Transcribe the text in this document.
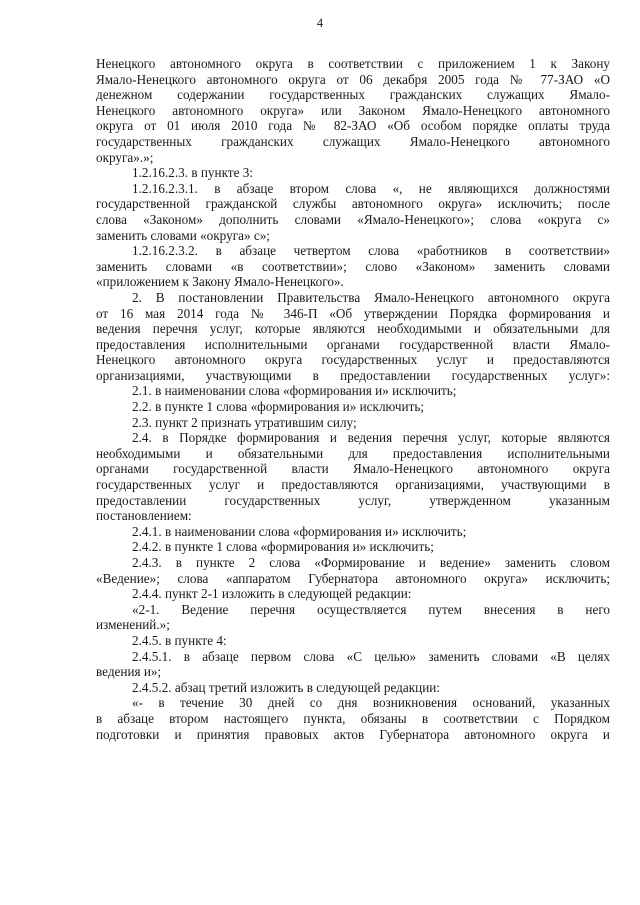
4
Ненецкого автономного округа в соответствии с приложением 1 к Закону
Ямало-Ненецкого автономного округа от 06 декабря 2005 года № 77-ЗАО «О
денежном содержании государственных гражданских служащих Ямало-
Ненецкого автономного округа» или Законом Ямало-Ненецкого автономного
округа от 01 июля 2010 года № 82-ЗАО «Об особом порядке оплаты труда
государственных гражданских служащих Ямало-Ненецкого автономного
округа».»;
1.2.16.2.3. в пункте 3:
1.2.16.2.3.1. в абзаце втором слова «, не являющихся должностями
государственной гражданской службы автономного округа» исключить; после
слова «Законом» дополнить словами «Ямало-Ненецкого»; слова «округа с»
заменить словами «округа» с»;
1.2.16.2.3.2. в абзаце четвертом слова «работников в соответствии»
заменить словами «в соответствии»; слово «Законом» заменить словами
«приложением к Закону Ямало-Ненецкого».
2. В постановлении Правительства Ямало-Ненецкого автономного округа
от 16 мая 2014 года № 346-П «Об утверждении Порядка формирования и
ведения перечня услуг, которые являются необходимыми и обязательными для
предоставления исполнительными органами государственной власти Ямало-
Ненецкого автономного округа государственных услуг и предоставляются
организациями, участвующими в предоставлении государственных услуг»:
2.1. в наименовании слова «формирования и» исключить;
2.2. в пункте 1 слова «формирования и» исключить;
2.3. пункт 2 признать утратившим силу;
2.4. в Порядке формирования и ведения перечня услуг, которые являются
необходимыми и обязательными для предоставления исполнительными
органами государственной власти Ямало-Ненецкого автономного округа
государственных услуг и предоставляются организациями, участвующими в
предоставлении государственных услуг, утвержденном указанным
постановлением:
2.4.1. в наименовании слова «формирования и» исключить;
2.4.2. в пункте 1 слова «формирования и» исключить;
2.4.3. в пункте 2 слова «Формирование и ведение» заменить словом
«Ведение»; слова «аппаратом Губернатора автономного округа» исключить;
2.4.4. пункт 2-1 изложить в следующей редакции:
«2-1. Ведение перечня осуществляется путем внесения в него
изменений.»;
2.4.5. в пункте 4:
2.4.5.1. в абзаце первом слова «С целью» заменить словами «В целях
ведения и»;
2.4.5.2. абзац третий изложить в следующей редакции:
«- в течение 30 дней со дня возникновения оснований, указанных
в абзаце втором настоящего пункта, обязаны в соответствии с Порядком
подготовки и принятия правовых актов Губернатора автономного округа и
